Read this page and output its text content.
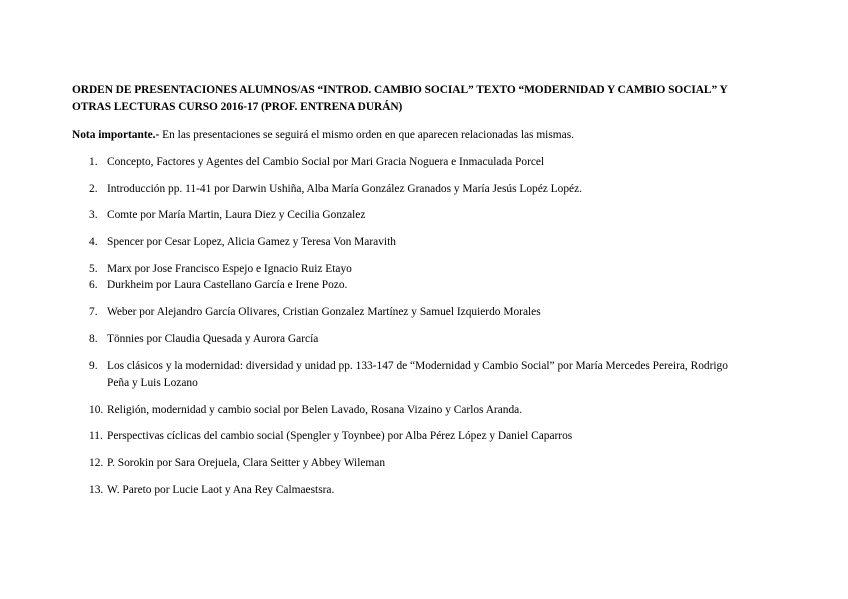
ORDEN DE PRESENTACIONES ALUMNOS/AS “INTROD. CAMBIO SOCIAL” TEXTO “MODERNIDAD Y CAMBIO SOCIAL” Y
OTRAS LECTURAS CURSO 2016-17 (PROF. ENTRENA DURÁN)
Nota importante.- En las presentaciones se seguirá el mismo orden en que aparecen relacionadas las mismas.
1. Concepto, Factores y Agentes del Cambio Social por Mari Gracia Noguera e Inmaculada Porcel
2. Introducción pp. 11-41 por Darwin Ushiña, Alba María González Granados y María Jesús Lopéz Lopéz.
3. Comte por María Martin, Laura Diez y Cecilia Gonzalez
4. Spencer por Cesar Lopez, Alicia Gamez y Teresa Von Maravith
5. Marx por Jose Francisco Espejo e Ignacio Ruiz Etayo
6. Durkheim por Laura Castellano García e Irene Pozo.
7. Weber por Alejandro García Olivares, Cristian Gonzalez Martínez y Samuel Izquierdo Morales
8. Tönnies por Claudia Quesada y Aurora García
9. Los clásicos y la modernidad: diversidad y unidad pp. 133-147 de “Modernidad y Cambio Social” por María Mercedes Pereira, Rodrigo
Peña y Luis Lozano
10. Religión, modernidad y cambio social por Belen Lavado, Rosana Vizaino y Carlos Aranda.
11. Perspectivas cíclicas del cambio social (Spengler y Toynbee) por Alba Pérez López y Daniel Caparros
12. P. Sorokin por Sara Orejuela, Clara Seitter y Abbey Wileman
13. W. Pareto por Lucie Laot y Ana Rey Calmaestsra.
